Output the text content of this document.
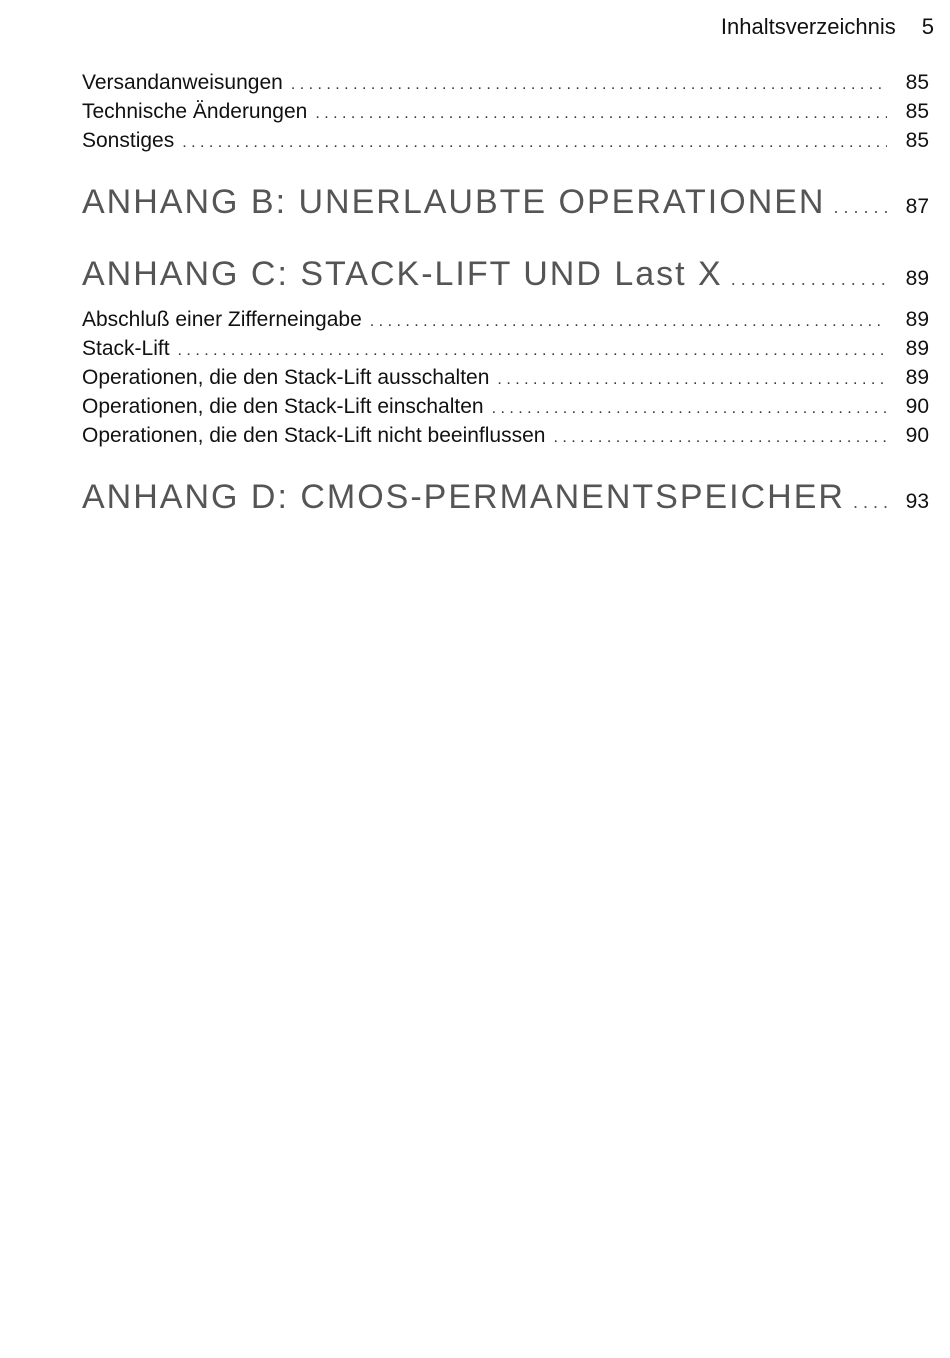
Inhaltsverzeichnis 5
Versandanweisungen . . .	85
Technische Änderungen . . .	85
Sonstiges . . .	85
ANHANG B: UNERLAUBTE OPERATIONEN . . .	87
ANHANG C: STACK-LIFT UND Last X . . .	89
Abschluß einer Zifferneingabe . . .	89
Stack-Lift . . .	89
Operationen, die den Stack-Lift ausschalten . . .	89
Operationen, die den Stack-Lift einschalten . . .	90
Operationen, die den Stack-Lift nicht beeinflussen . . .	90
ANHANG D: CMOS-PERMANENTSPEICHER . . .	93
